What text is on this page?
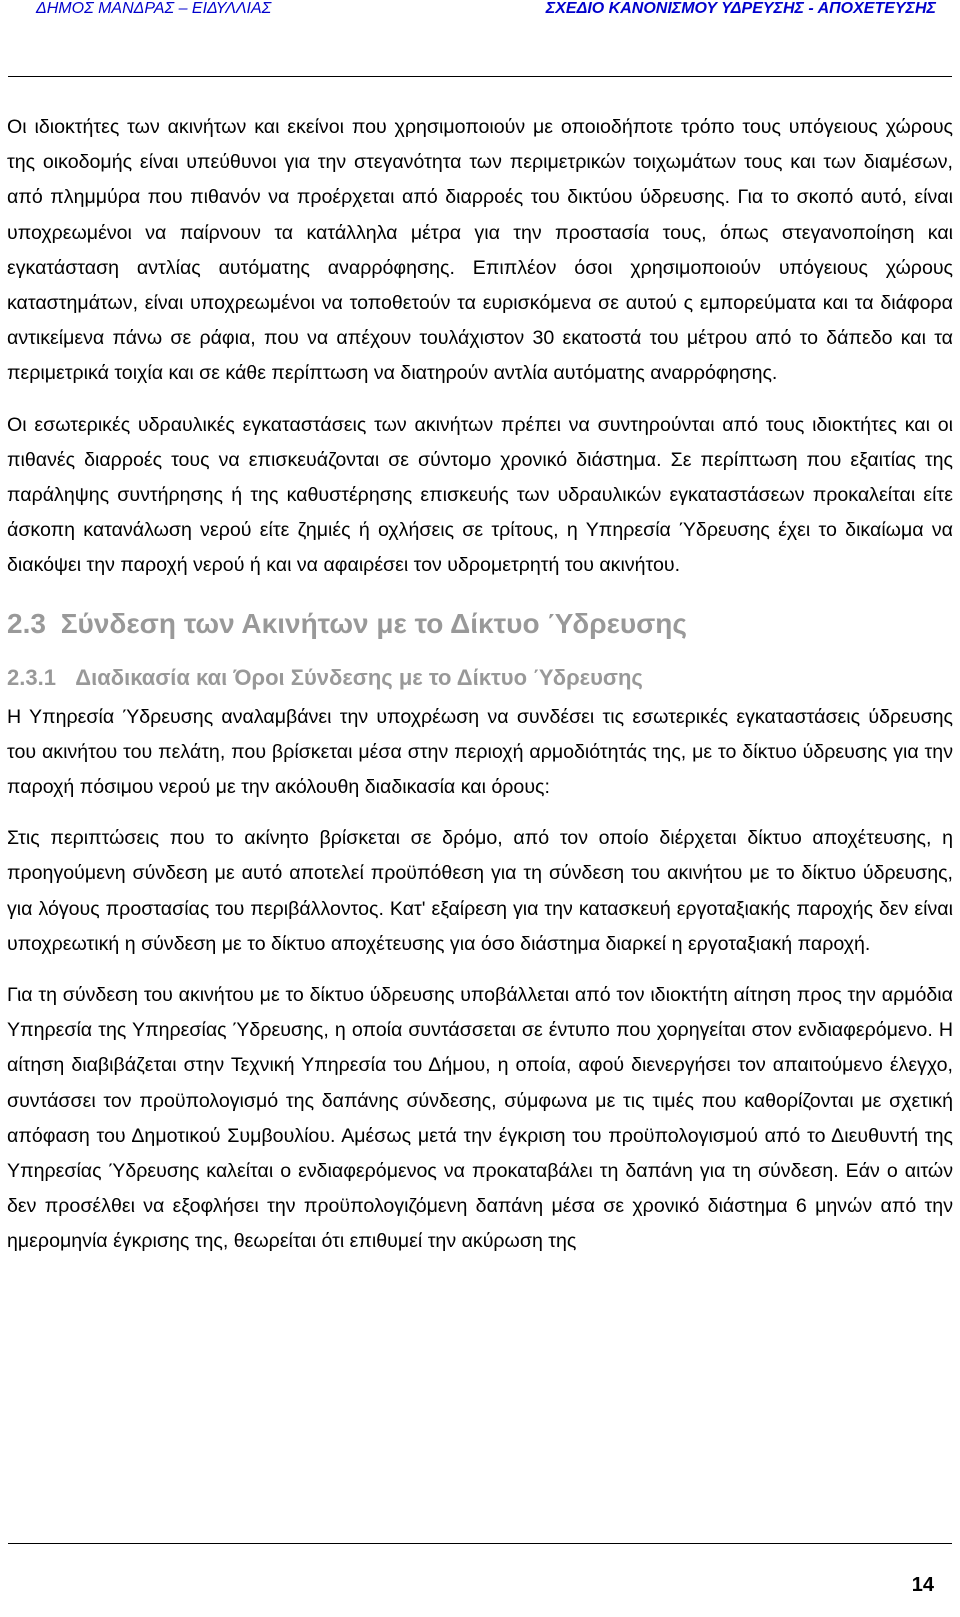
ΔΗΜΟΣ ΜΑΝΔΡΑΣ – ΕΙΔΥΛΛΙΑΣ	ΣΧΕΔΙΟ ΚΑΝΟΝΙΣΜΟΥ ΥΔΡΕΥΣΗΣ - ΑΠΟΧΕΤΕΥΣΗΣ

Οι ιδιοκτήτες των ακινήτων και εκείνοι που χρησιμοποιούν με οποιοδήποτε τρόπο τους υπόγειους χώρους της οικοδομής είναι υπεύθυνοι για την στεγανότητα των περιμετρικών τοιχωμάτων τους και των διαμέσων, από πλημμύρα που πιθανόν να προέρχεται από διαρροές του δικτύου ύδρευσης. Για το σκοπό αυτό, είναι υποχρεωμένοι να παίρνουν τα κατάλληλα μέτρα για την προστασία τους, όπως στεγανοποίηση και εγκατάσταση αντλίας αυτόματης αναρρόφησης. Επιπλέον όσοι χρησιμοποιούν υπόγειους χώρους καταστημάτων, είναι υποχρεωμένοι να τοποθετούν τα ευρισκόμενα σε αυτού ς εμπορεύματα και τα διάφορα αντικείμενα πάνω σε ράφια, που να απέχουν τουλάχιστον 30 εκατοστά του μέτρου από το δάπεδο και τα περιμετρικά τοιχία και σε κάθε περίπτωση να διατηρούν αντλία αυτόματης αναρρόφησης.

Οι εσωτερικές υδραυλικές εγκαταστάσεις των ακινήτων πρέπει να συντηρούνται από τους ιδιοκτήτες και οι πιθανές διαρροές τους να επισκευάζονται σε σύντομο χρονικό διάστημα. Σε περίπτωση που εξαιτίας της παράληψης συντήρησης ή της καθυστέρησης επισκευής των υδραυλικών εγκαταστάσεων προκαλείται είτε άσκοπη κατανάλωση νερού είτε ζημιές ή οχλήσεις σε τρίτους, η Υπηρεσία Ύδρευσης έχει το δικαίωμα να διακόψει την παροχή νερού ή και να αφαιρέσει τον υδρομετρητή του ακινήτου.

2.3 Σύνδεση των Ακινήτων με το Δίκτυο Ύδρευσης
2.3.1 Διαδικασία και Όροι Σύνδεσης με το Δίκτυο Ύδρευσης

Η Υπηρεσία Ύδρευσης αναλαμβάνει την υποχρέωση να συνδέσει τις εσωτερικές εγκαταστάσεις ύδρευσης του ακινήτου του πελάτη, που βρίσκεται μέσα στην περιοχή αρμοδιότητάς της, με το δίκτυο ύδρευσης για την παροχή πόσιμου νερού με την ακόλουθη διαδικασία και όρους:

Στις περιπτώσεις που το ακίνητο βρίσκεται σε δρόμο, από τον οποίο διέρχεται δίκτυο αποχέτευσης, η προηγούμενη σύνδεση με αυτό αποτελεί προϋπόθεση για τη σύνδεση του ακινήτου με το δίκτυο ύδρευσης, για λόγους προστασίας του περιβάλλοντος. Κατ' εξαίρεση για την κατασκευή εργοταξιακής παροχής δεν είναι υποχρεωτική η σύνδεση με το δίκτυο αποχέτευσης για όσο διάστημα διαρκεί η εργοταξιακή παροχή.

Για τη σύνδεση του ακινήτου με το δίκτυο ύδρευσης υποβάλλεται από τον ιδιοκτήτη αίτηση προς την αρμόδια Υπηρεσία της Υπηρεσίας Ύδρευσης, η οποία συντάσσεται σε έντυπο που χορηγείται στον ενδιαφερόμενο. Η αίτηση διαβιβάζεται στην Τεχνική Υπηρεσία του Δήμου, η οποία, αφού διενεργήσει τον απαιτούμενο έλεγχο, συντάσσει τον προϋπολογισμό της δαπάνης σύνδεσης, σύμφωνα με τις τιμές που καθορίζονται με σχετική απόφαση του Δημοτικού Συμβουλίου. Αμέσως μετά την έγκριση του προϋπολογισμού από το Διευθυντή της Υπηρεσίας Ύδρευσης καλείται ο ενδιαφερόμενος να προκαταβάλει τη δαπάνη για τη σύνδεση. Εάν ο αιτών δεν προσέλθει να εξοφλήσει την προϋπολογιζόμενη δαπάνη μέσα σε χρονικό διάστημα 6 μηνών από την ημερομηνία έγκρισης της, θεωρείται ότι επιθυμεί την ακύρωση της

14
